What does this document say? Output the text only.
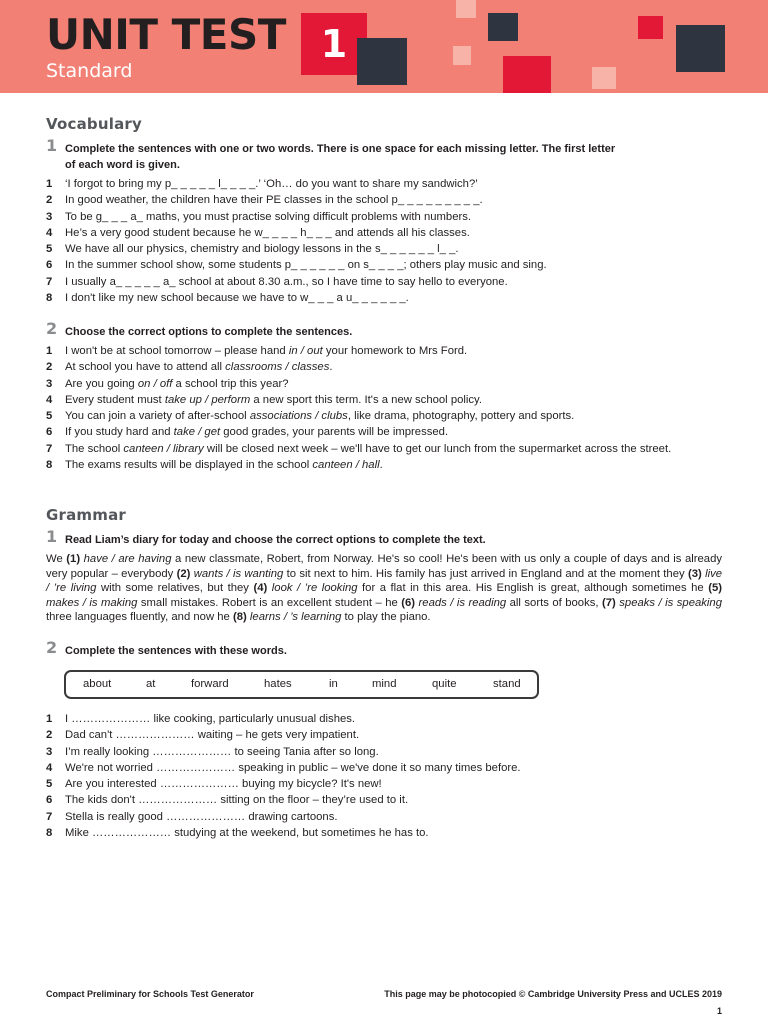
UNIT TEST
Standard
1
Vocabulary
1 Complete the sentences with one or two words. There is one space for each missing letter. The first letter of each word is given.
1 ‘I forgot to bring my p_ _ _ _ _ l_ _ _ _.’ ‘Oh… do you want to share my sandwich?’
2 In good weather, the children have their PE classes in the school p_ _ _ _ _ _ _ _ _.
3 To be g_ _ _ a_ maths, you must practise solving difficult problems with numbers.
4 He’s a very good student because he w_ _ _ _ h_ _ _ and attends all his classes.
5 We have all our physics, chemistry and biology lessons in the s_ _ _ _ _ _ l_ _.
6 In the summer school show, some students p_ _ _ _ _ _ on s_ _ _ _; others play music and sing.
7 I usually a_ _ _ _ _ a_ school at about 8.30 a.m., so I have time to say hello to everyone.
8 I don't like my new school because we have to w_ _ _ a u_ _ _ _ _ _.
2 Choose the correct options to complete the sentences.
1 I won't be at school tomorrow – please hand in / out your homework to Mrs Ford.
2 At school you have to attend all classrooms / classes.
3 Are you going on / off a school trip this year?
4 Every student must take up / perform a new sport this term. It's a new school policy.
5 You can join a variety of after-school associations / clubs, like drama, photography, pottery and sports.
6 If you study hard and take / get good grades, your parents will be impressed.
7 The school canteen / library will be closed next week – we'll have to get our lunch from the supermarket across the street.
8 The exams results will be displayed in the school canteen / hall.
Grammar
1 Read Liam’s diary for today and choose the correct options to complete the text.
We (1) have / are having a new classmate, Robert, from Norway. He's so cool! He's been with us only a couple of days and is already very popular – everybody (2) wants / is wanting to sit next to him. His family has just arrived in England and at the moment they (3) live / ’re living with some relatives, but they (4) look / ’re looking for a flat in this area. His English is great, although sometimes he (5) makes / is making small mistakes. Robert is an excellent student – he (6) reads / is reading all sorts of books, (7) speaks / is speaking three languages fluently, and now he (8) learns / ’s learning to play the piano.
2 Complete the sentences with these words.
about	at	forward	hates	in	mind	quite	stand
1 I ………………… like cooking, particularly unusual dishes.
2 Dad can't ………………… waiting – he gets very impatient.
3 I’m really looking ………………… to seeing Tania after so long.
4 We're not worried ………………… speaking in public – we've done it so many times before.
5 Are you interested ………………… buying my bicycle? It's new!
6 The kids don't ………………… sitting on the floor – they’re used to it.
7 Stella is really good ………………… drawing cartoons.
8 Mike ………………… studying at the weekend, but sometimes he has to.
Compact Preliminary for Schools Test Generator	This page may be photocopied © Cambridge University Press and UCLES 2019
1
